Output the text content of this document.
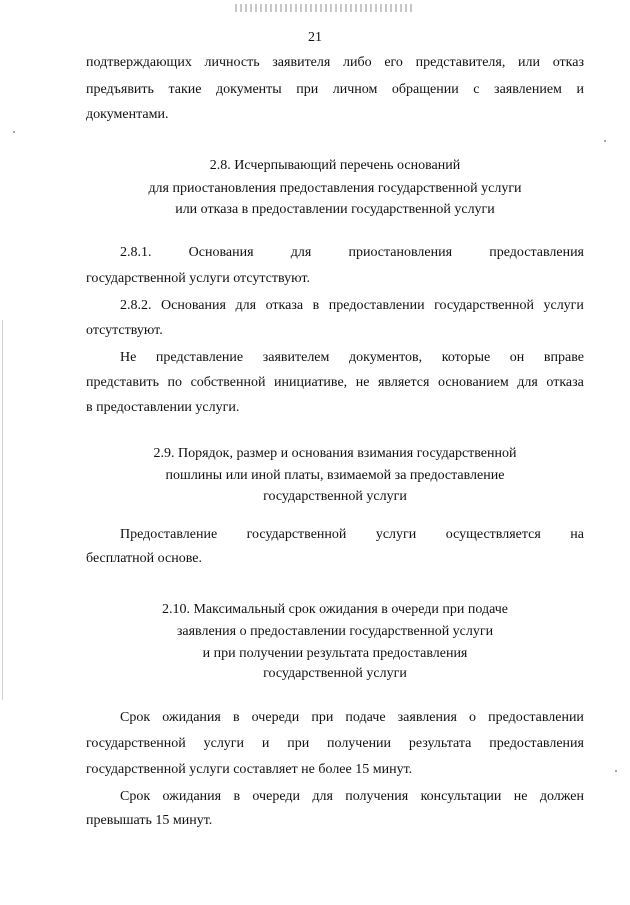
21
подтверждающих личность заявителя либо его представителя, или отказ
предъявить такие документы при личном обращении с заявлением и
документами.
2.8. Исчерпывающий перечень оснований
для приостановления предоставления государственной услуги
или отказа в предоставлении государственной услуги
2.8.1.	Основания	для	приостановления	предоставления
государственной услуги отсутствуют.
2.8.2. Основания для отказа в предоставлении государственной услуги
отсутствуют.
Не представление заявителем документов, которые он вправе
представить по собственной инициативе, не является основанием для отказа
в предоставлении услуги.
2.9. Порядок, размер и основания взимания государственной
пошлины или иной платы, взимаемой за предоставление
государственной услуги
Предоставление государственной услуги осуществляется на
бесплатной основе.
2.10. Максимальный срок ожидания в очереди при подаче
заявления о предоставлении государственной услуги
и при получении результата предоставления
государственной услуги
Срок ожидания в очереди при подаче заявления о предоставлении
государственной услуги и при получении результата предоставления
государственной услуги составляет не более 15 минут.
Срок ожидания в очереди для получения консультации не должен
превышать 15 минут.
